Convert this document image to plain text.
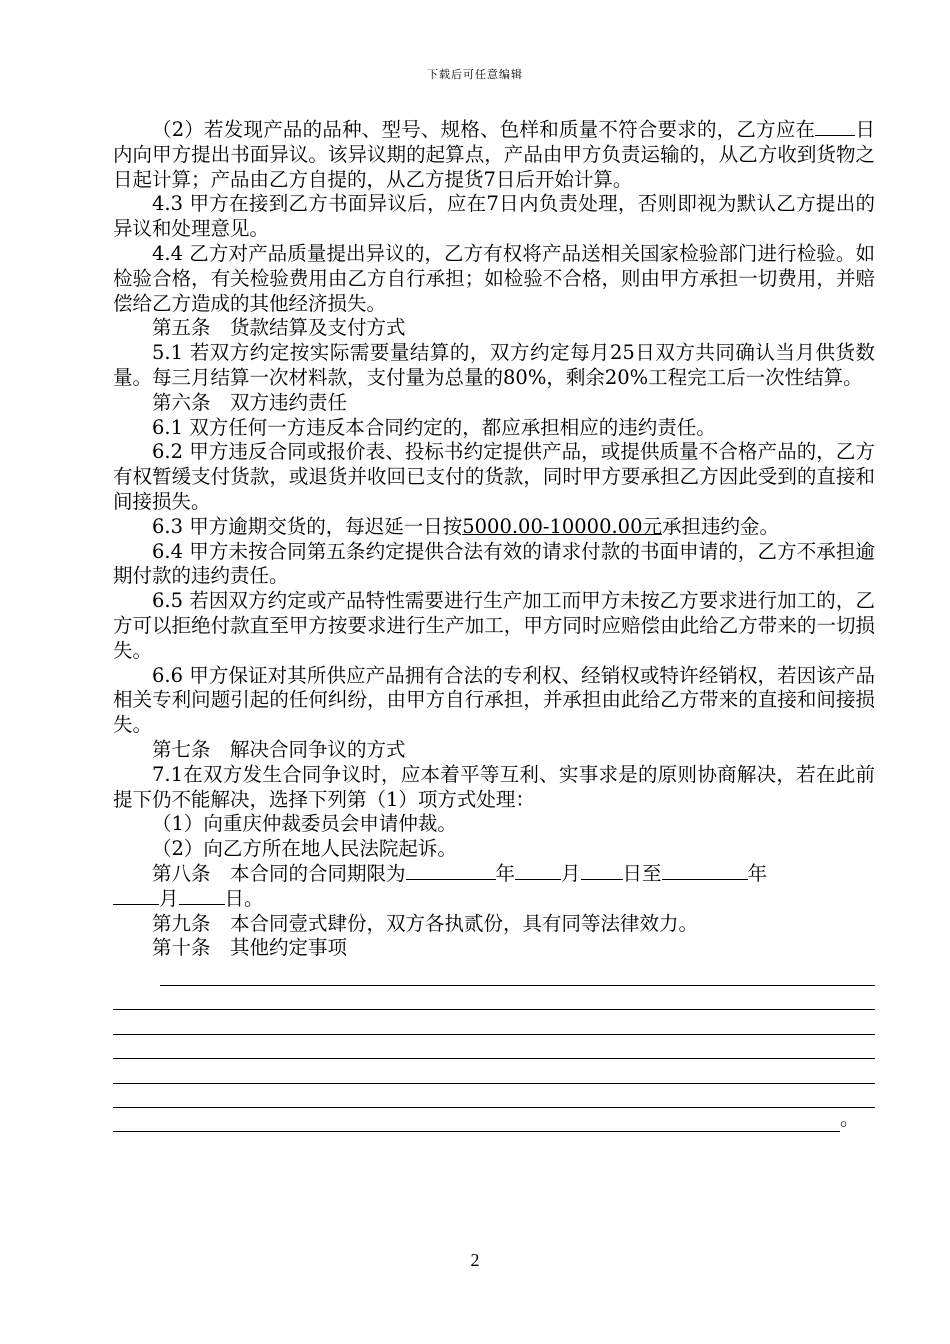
下载后可任意编辑

（2）若发现产品的品种、型号、规格、色样和质量不符合要求的，乙方应在 日内向甲方提出书面异议。该异议期的起算点，产品由甲方负责运输的，从乙方收到货物之日起计算；产品由乙方自提的，从乙方提货7日后开始计算。

4.3 甲方在接到乙方书面异议后，应在7日内负责处理，否则即视为默认乙方提出的异议和处理意见。

4.4 乙方对产品质量提出异议的，乙方有权将产品送相关国家检验部门进行检验。如检验合格，有关检验费用由乙方自行承担；如检验不合格，则由甲方承担一切费用，并赔偿给乙方造成的其他经济损失。

第五条　货款结算及支付方式

5.1 若双方约定按实际需要量结算的，双方约定每月25日双方共同确认当月供货数量。每三月结算一次材料款，支付量为总量的80%，剩余20%工程完工后一次性结算。

第六条　双方违约责任

6.1 双方任何一方违反本合同约定的，都应承担相应的违约责任。

6.2 甲方违反合同或报价表、投标书约定提供产品，或提供质量不合格产品的，乙方有权暂缓支付货款，或退货并收回已支付的货款，同时甲方要承担乙方因此受到的直接和间接损失。

6.3 甲方逾期交货的，每迟延一日按5000.00-10000.00元承担违约金。

6.4 甲方未按合同第五条约定提供合法有效的请求付款的书面申请的，乙方不承担逾期付款的违约责任。

6.5 若因双方约定或产品特性需要进行生产加工而甲方未按乙方要求进行加工的，乙方可以拒绝付款直至甲方按要求进行生产加工，甲方同时应赔偿由此给乙方带来的一切损失。

6.6 甲方保证对其所供应产品拥有合法的专利权、经销权或特许经销权，若因该产品相关专利问题引起的任何纠纷，由甲方自行承担，并承担由此给乙方带来的直接和间接损失。

第七条　解决合同争议的方式

7.1在双方发生合同争议时，应本着平等互利、实事求是的原则协商解决，若在此前提下仍不能解决，选择下列第（1）项方式处理：

（1）向重庆仲裁委员会申请仲裁。

（2）向乙方所在地人民法院起诉。

第八条　本合同的合同期限为	年 月 日至	年
月 日。

第九条　本合同壹式肆份，双方各执贰份，具有同等法律效力。

第十条　其他约定事项

。
2
